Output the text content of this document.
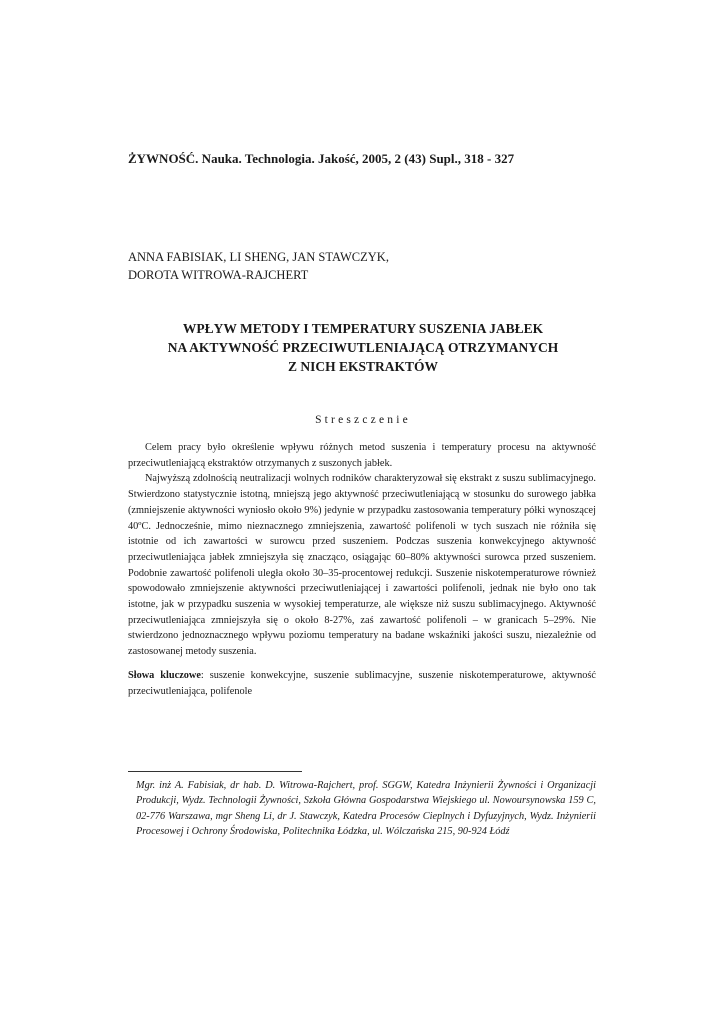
ŻYWNOŚĆ. Nauka. Technologia. Jakość, 2005, 2 (43) Supl., 318 - 327
ANNA FABISIAK, LI SHENG, JAN STAWCZYK,
DOROTA WITROWA-RAJCHERT
WPŁYW METODY I TEMPERATURY SUSZENIA JABŁEK
NA AKTYWNOŚĆ PRZECIWUTLENIAJĄCĄ OTRZYMANYCH
Z NICH EKSTRAKTÓW
Streszczenie

Celem pracy było określenie wpływu różnych metod suszenia i temperatury procesu na aktywność przeciwutleniającą ekstraktów otrzymanych z suszonych jabłek.

Najwyższą zdolnością neutralizacji wolnych rodników charakteryzował się ekstrakt z suszu sublimacyjnego. Stwierdzono statystycznie istotną, mniejszą jego aktywność przeciwutleniającą w stosunku do surowego jabłka (zmniejszenie aktywności wyniosło około 9%) jedynie w przypadku zastosowania temperatury półki wynoszącej 40ºC. Jednocześnie, mimo nieznacznego zmniejszenia, zawartość polifenoli w tych suszach nie różniła się istotnie od ich zawartości w surowcu przed suszeniem. Podczas suszenia konwekcyjnego aktywność przeciwutleniająca jabłek zmniejszyła się znacząco, osiągając 60–80% aktywności surowca przed suszeniem. Podobnie zawartość polifenoli uległa około 30–35-procentowej redukcji. Suszenie niskotemperaturowe również spowodowało zmniejszenie aktywności przeciwutleniającej i zawartości polifenoli, jednak nie było ono tak istotne, jak w przypadku suszenia w wysokiej temperaturze, ale większe niż suszu sublimacyjnego. Aktywność przeciwutleniająca zmniejszyła się o około 8-27%, zaś zawartość polifenoli – w granicach 5–29%. Nie stwierdzono jednoznacznego wpływu poziomu temperatury na badane wskaźniki jakości suszu, niezależnie od zastosowanej metody suszenia.

Słowa kluczowe: suszenie konwekcyjne, suszenie sublimacyjne, suszenie niskotemperaturowe, aktywność przeciwutleniająca, polifenole
Mgr. inż A. Fabisiak, dr hab. D. Witrowa-Rajchert, prof. SGGW, Katedra Inżynierii Żywności i Organizacji Produkcji, Wydz. Technologii Żywności, Szkoła Główna Gospodarstwa Wiejskiego ul. Nowoursynowska 159 C, 02-776 Warszawa, mgr Sheng Li, dr J. Stawczyk, Katedra Procesów Cieplnych i Dyfuzyjnych, Wydz. Inżynierii Procesowej i Ochrony Środowiska, Politechnika Łódzka, ul. Wólczańska 215, 90-924 Łódź
